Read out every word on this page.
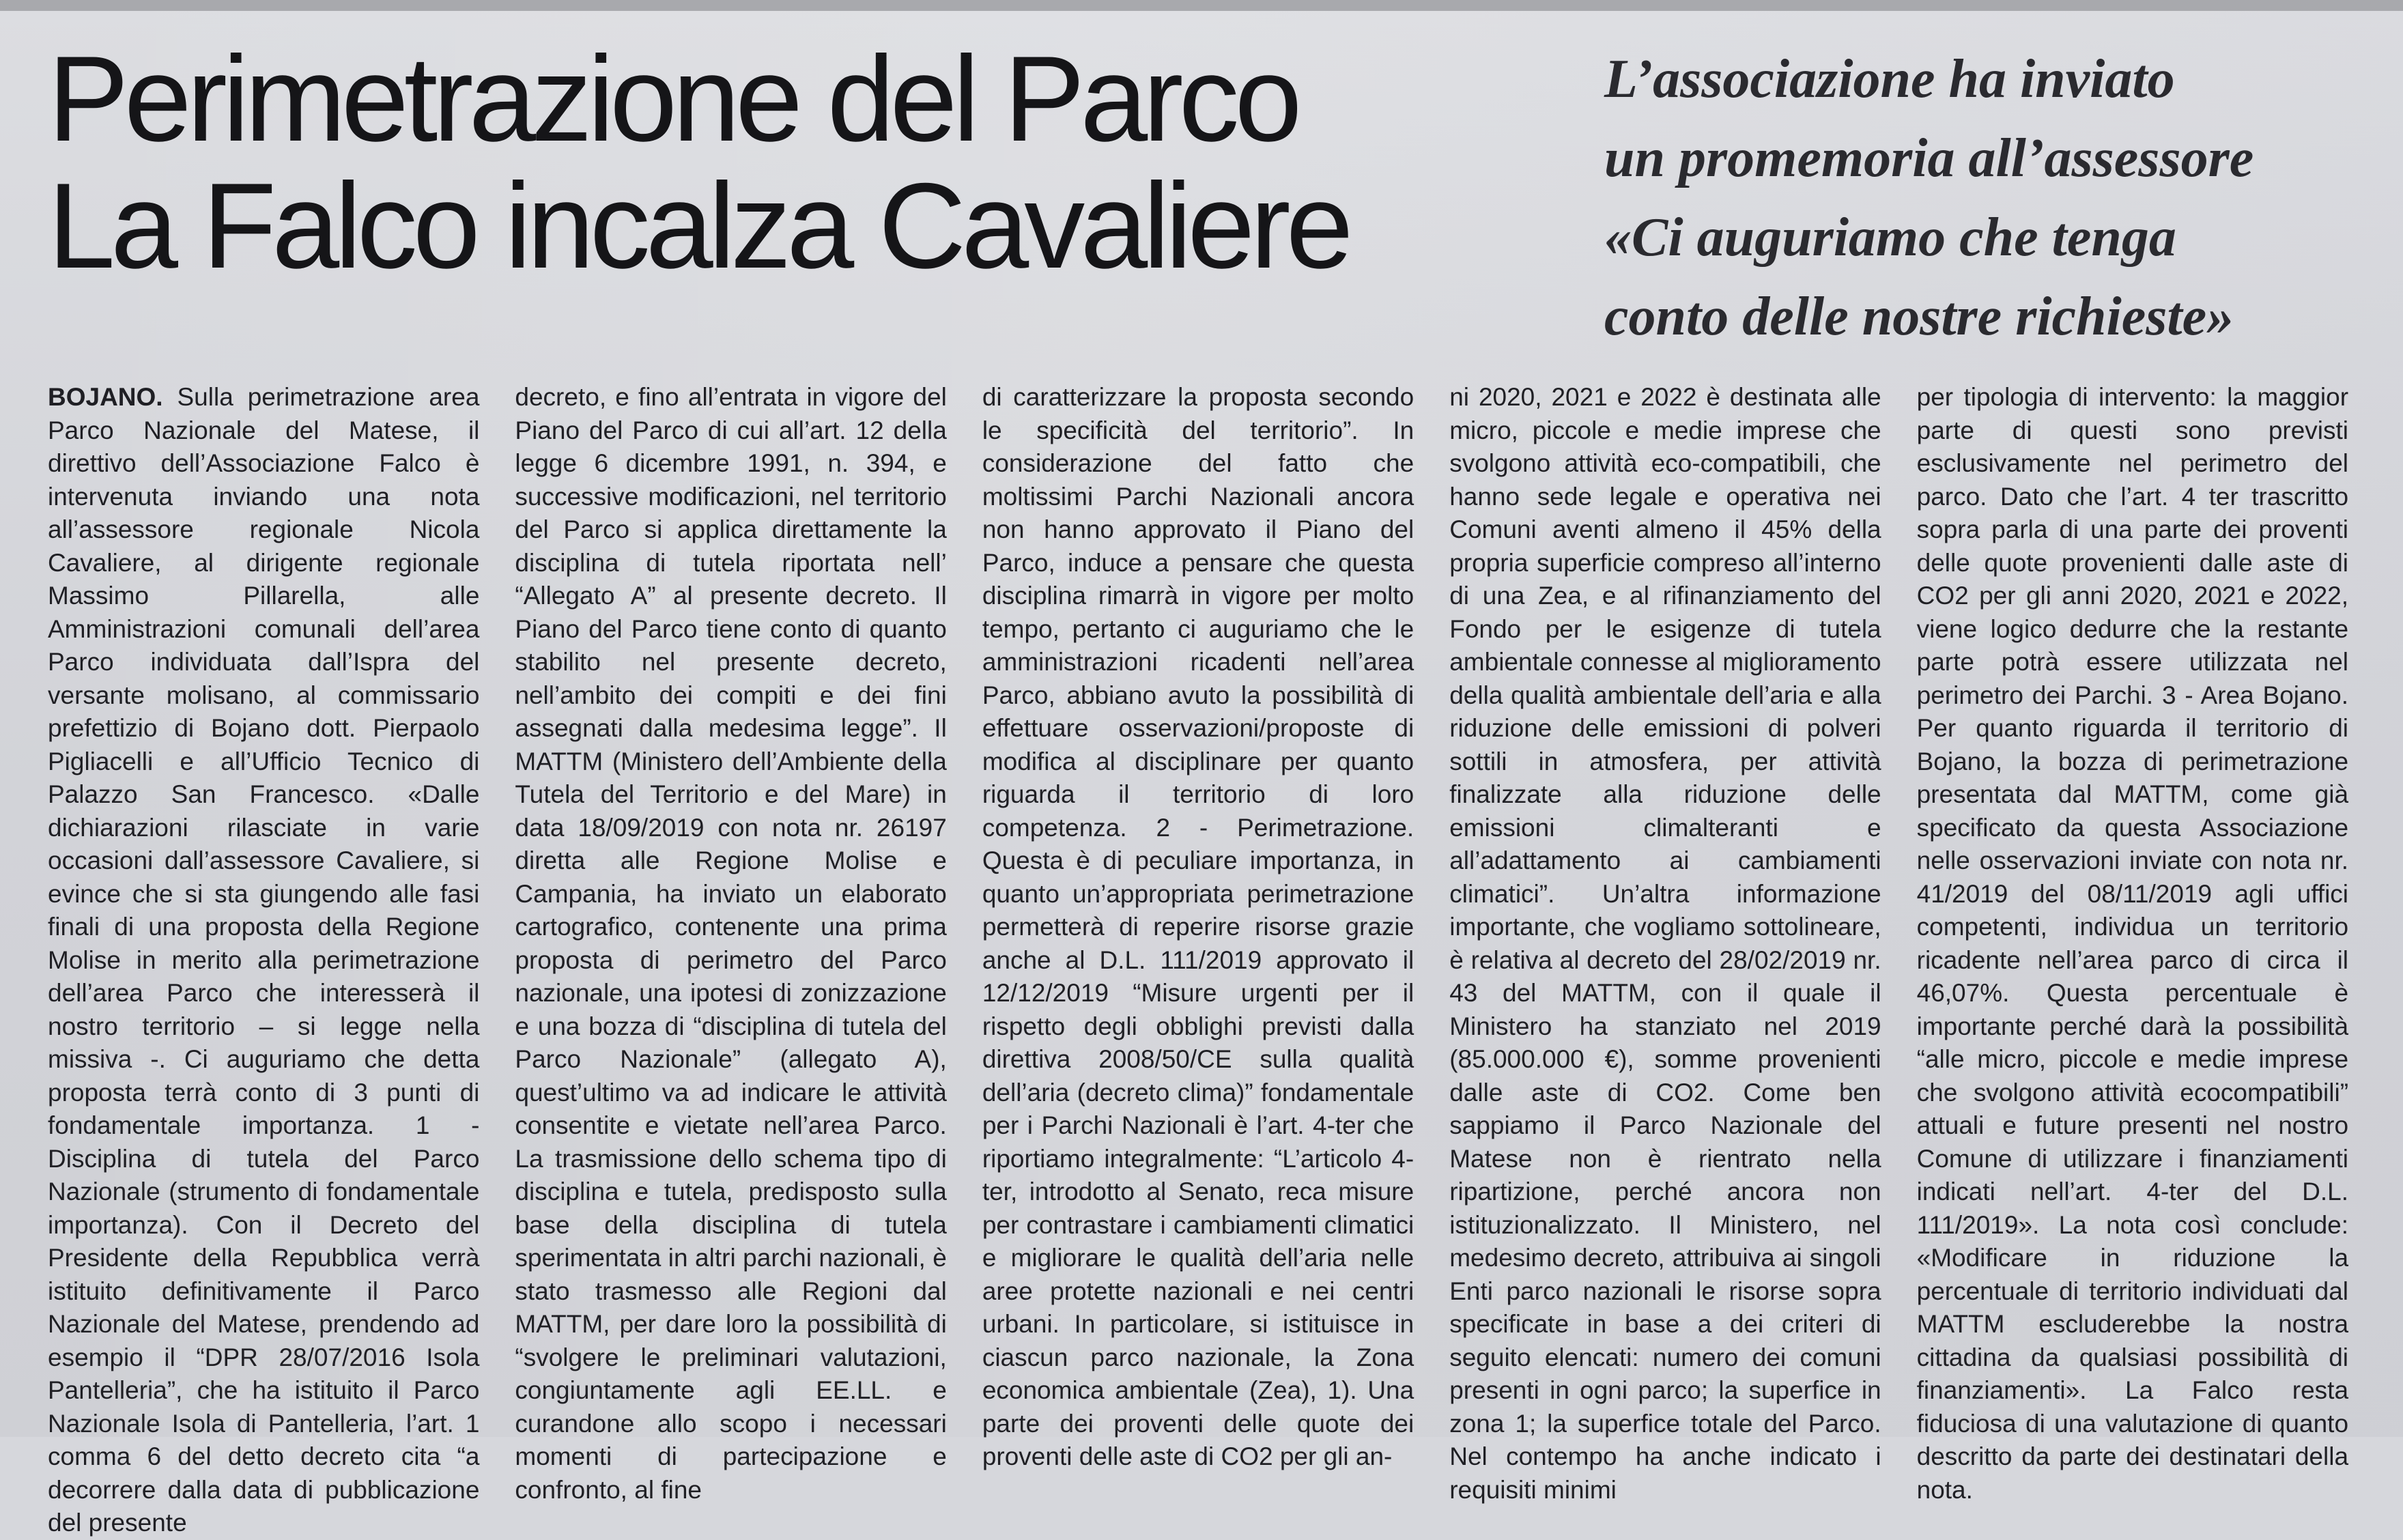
Perimetrazione del Parco
La Falco incalza Cavaliere
L’associazione ha inviato
un promemoria all’assessore
«Ci auguriamo che tenga
conto delle nostre richieste»

BOJANO. Sulla perimetrazione area Parco Nazionale del Matese, il direttivo dell’Associazione Falco è intervenuta inviando una nota all’assessore regionale Nicola Cavaliere, al dirigente regionale Massimo Pillarella, alle Amministrazioni comunali dell’area Parco individuata dall’Ispra del versante molisano, al commissario prefettizio di Bojano dott. Pierpaolo Pigliacelli e all’Ufficio Tecnico di Palazzo San Francesco. «Dalle dichiarazioni rilasciate in varie occasioni dall’assessore Cavaliere, si evince che si sta giungendo alle fasi finali di una proposta della Regione Molise in merito alla perimetrazione dell’area Parco che interesserà il nostro territorio – si legge nella missiva -. Ci auguriamo che detta proposta terrà conto di 3 punti di fondamentale importanza. 1 - Disciplina di tutela del Parco Nazionale (strumento di fondamentale importanza). Con il Decreto del Presidente della Repubblica verrà istituito definitivamente il Parco Nazionale del Matese, prendendo ad esempio il “DPR 28/07/2016 Isola Pantelleria”, che ha istituito il Parco Nazionale Isola di Pantelleria, l’art. 1 comma 6 del detto decreto cita “a decorrere dalla data di pubblicazione del presente

decreto, e fino all’entrata in vigore del Piano del Parco di cui all’art. 12 della legge 6 dicembre 1991, n. 394, e successive modificazioni, nel territorio del Parco si applica direttamente la disciplina di tutela riportata nell’ “Allegato A” al presente decreto. Il Piano del Parco tiene conto di quanto stabilito nel presente decreto, nell’ambito dei compiti e dei fini assegnati dalla medesima legge”. Il MATTM (Ministero dell’Ambiente della Tutela del Territorio e del Mare) in data 18/09/2019 con nota nr. 26197 diretta alle Regione Molise e Campania, ha inviato un elaborato cartografico, contenente una prima proposta di perimetro del Parco nazionale, una ipotesi di zonizzazione e una bozza di “disciplina di tutela del Parco Nazionale” (allegato A), quest’ultimo va ad indicare le attività consentite e vietate nell’area Parco. La trasmissione dello schema tipo di disciplina e tutela, predisposto sulla base della disciplina di tutela sperimentata in altri parchi nazionali, è stato trasmesso alle Regioni dal MATTM, per dare loro la possibilità di “svolgere le preliminari valutazioni, congiuntamente agli EE.LL. e curandone allo scopo i necessari momenti di partecipazione e confronto, al fine

di caratterizzare la proposta secondo le specificità del territorio”. In considerazione del fatto che moltissimi Parchi Nazionali ancora non hanno approvato il Piano del Parco, induce a pensare che questa disciplina rimarrà in vigore per molto tempo, pertanto ci auguriamo che le amministrazioni ricadenti nell’area Parco, abbiano avuto la possibilità di effettuare osservazioni/proposte di modifica al disciplinare per quanto riguarda il territorio di loro competenza. 2 - Perimetrazione. Questa è di peculiare importanza, in quanto un’appropriata perimetrazione permetterà di reperire risorse grazie anche al D.L. 111/2019 approvato il 12/12/2019 “Misure urgenti per il rispetto degli obblighi previsti dalla direttiva 2008/50/CE sulla qualità dell’aria (decreto clima)” fondamentale per i Parchi Nazionali è l’art. 4-ter che riportiamo integralmente: “L’articolo 4-ter, introdotto al Senato, reca misure per contrastare i cambiamenti climatici e migliorare le qualità dell’aria nelle aree protette nazionali e nei centri urbani. In particolare, si istituisce in ciascun parco nazionale, la Zona economica ambientale (Zea), 1). Una parte dei proventi delle quote dei proventi delle aste di CO2 per gli an-

ni 2020, 2021 e 2022 è destinata alle micro, piccole e medie imprese che svolgono attività eco-compatibili, che hanno sede legale e operativa nei Comuni aventi almeno il 45% della propria superficie compreso all’interno di una Zea, e al rifinanziamento del Fondo per le esigenze di tutela ambientale connesse al miglioramento della qualità ambientale dell’aria e alla riduzione delle emissioni di polveri sottili in atmosfera, per attività finalizzate alla riduzione delle emissioni climalteranti e all’adattamento ai cambiamenti climatici”. Un’altra informazione importante, che vogliamo sottolineare, è relativa al decreto del 28/02/2019 nr. 43 del MATTM, con il quale il Ministero ha stanziato nel 2019 (85.000.000 €), somme provenienti dalle aste di CO2. Come ben sappiamo il Parco Nazionale del Matese non è rientrato nella ripartizione, perché ancora non istituzionalizzato. Il Ministero, nel medesimo decreto, attribuiva ai singoli Enti parco nazionali le risorse sopra specificate in base a dei criteri di seguito elencati: numero dei comuni presenti in ogni parco; la superfice in zona 1; la superfice totale del Parco. Nel contempo ha anche indicato i requisiti minimi

per tipologia di intervento: la maggior parte di questi sono previsti esclusivamente nel perimetro del parco. Dato che l’art. 4 ter trascritto sopra parla di una parte dei proventi delle quote provenienti dalle aste di CO2 per gli anni 2020, 2021 e 2022, viene logico dedurre che la restante parte potrà essere utilizzata nel perimetro dei Parchi. 3 - Area Bojano. Per quanto riguarda il territorio di Bojano, la bozza di perimetrazione presentata dal MATTM, come già specificato da questa Associazione nelle osservazioni inviate con nota nr. 41/2019 del 08/11/2019 agli uffici competenti, individua un territorio ricadente nell’area parco di circa il 46,07%. Questa percentuale è importante perché darà la possibilità “alle micro, piccole e medie imprese che svolgono attività ecocompatibili” attuali e future presenti nel nostro Comune di utilizzare i finanziamenti indicati nell’art. 4-ter del D.L. 111/2019». La nota così conclude: «Modificare in riduzione la percentuale di territorio individuati dal MATTM escluderebbe la nostra cittadina da qualsiasi possibilità di finanziamenti». La Falco resta fiduciosa di una valutazione di quanto descritto da parte dei destinatari della nota.
